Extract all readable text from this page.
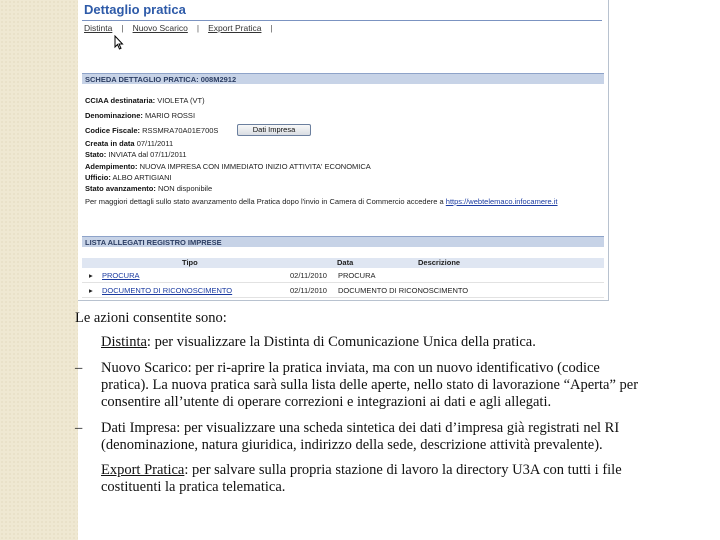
Dettaglio pratica
Distinta | Nuovo Scarico | Export Pratica |
SCHEDA DETTAGLIO PRATICA: 008M2912
CCIAA destinataria: VIOLETA (VT)
Denominazione: MARIO ROSSI
Codice Fiscale: RSSMRA70A01E700S	Dati Impresa
Creata in data 07/11/2011
Stato: INVIATA dal 07/11/2011
Adempimento: NUOVA IMPRESA CON IMMEDIATO INIZIO ATTIVITA' ECONOMICA
Ufficio: ALBO ARTIGIANI
Stato avanzamento: NON disponibile
Per maggiori dettagli sullo stato avanzamento della Pratica dopo l'invio in Camera di Commercio accedere a https://webtelemaco.infocamere.it
LISTA ALLEGATI REGISTRO IMPRESE
Tipo	Data	Descrizione
▸ PROCURA	02/11/2010 PROCURA
▸ DOCUMENTO DI RICONOSCIMENTO	02/11/2010 DOCUMENTO DI RICONOSCIMENTO
Le azioni consentite sono:
Distinta: per visualizzare la Distinta di Comunicazione Unica della pratica.
– Nuovo Scarico: per ri-aprire la pratica inviata, ma con un nuovo identificativo (codice pratica). La nuova pratica sarà sulla lista delle aperte, nello stato di lavorazione “Aperta” per consentire all’utente di operare correzioni e integrazioni ai dati e agli allegati.
– Dati Impresa: per visualizzare una scheda sintetica dei dati d’impresa già registrati nel RI (denominazione, natura giuridica, indirizzo della sede, descrizione attività prevalente).
Export Pratica: per salvare sulla propria stazione di lavoro la directory U3A con tutti i file costituenti la pratica telematica.
